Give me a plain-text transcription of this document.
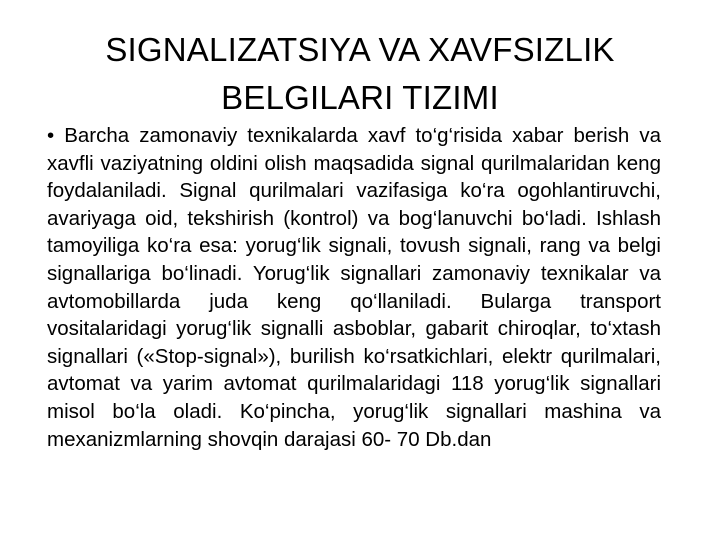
SIGNALIZATSIYA VA XAVFSIZLIK
BELGILARI TIZIMI

• Barcha zamonaviy texnikalarda xavf to‘g‘risida xabar berish va xavfli vaziyatning oldini olish maqsadida signal qurilmalaridan keng foydalaniladi. Signal qurilmalari vazifasiga ko‘ra ogohlantiruvchi, avariyaga oid, tekshirish (kontrol) va bog‘lanuvchi bo‘ladi. Ishlash tamoyiliga ko‘ra esa: yorug‘lik signali, tovush signali, rang va belgi signallariga bo‘linadi. Yorug‘lik signallari zamonaviy texnikalar va avtomobillarda juda keng qo‘llaniladi. Bularga transport vositalaridagi yorug‘lik signalli asboblar, gabarit chiroqlar, to‘xtash signallari («Stop-signal»), burilish ko‘rsatkichlari, elektr qurilmalari, avtomat va yarim avtomat qurilmalaridagi 118 yorug‘lik signallari misol bo‘la oladi. Ko‘pincha, yorug‘lik signallari mashina va mexanizmlarning shovqin darajasi 60- 70 Db.dan
